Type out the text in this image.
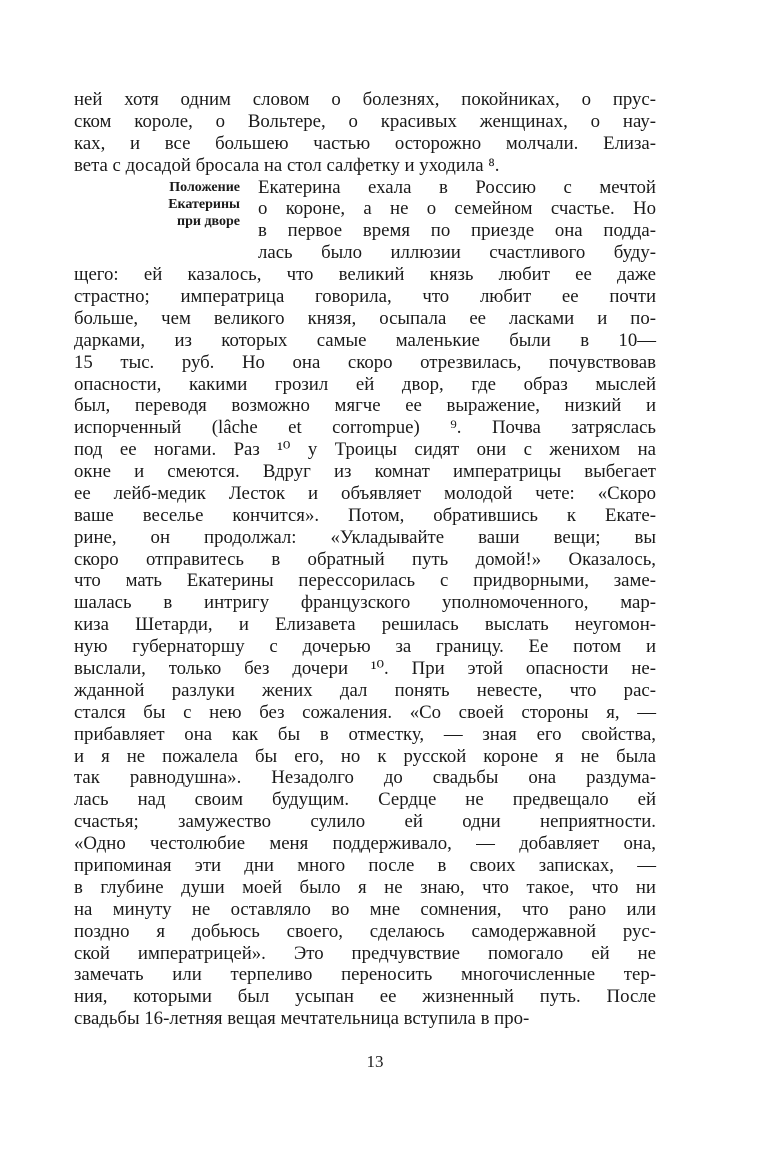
Положение
Екатерины
при дворе
ней хотя одним словом о болезнях, покойниках, о прус-
ском короле, о Вольтере, о красивых женщинах, о нау-
ках, и все большею частью осторожно молчали. Елиза-
вета с досадой бросала на стол салфетку и уходила ⁸.
Екатерина ехала в Россию с мечтой
о короне, а не о семейном счастье. Но
в первое время по приезде она подда-
лась было иллюзии счастливого буду-
щего: ей казалось, что великий князь любит ее даже
страстно; императрица говорила, что любит ее почти
больше, чем великого князя, осыпала ее ласками и по-
дарками, из которых самые маленькие были в 10—
15 тыс. руб. Но она скоро отрезвилась, почувствовав
опасности, какими грозил ей двор, где образ мыслей
был, переводя возможно мягче ее выражение, низкий и
испорченный (lâche et corrompue) ⁹. Почва затряслась
под ее ногами. Раз ¹⁰ у Троицы сидят они с женихом на
окне и смеются. Вдруг из комнат императрицы выбегает
ее лейб-медик Лесток и объявляет молодой чете: «Скоро
ваше веселье кончится». Потом, обратившись к Екате-
рине, он продолжал: «Укладывайте ваши вещи; вы
скоро отправитесь в обратный путь домой!» Оказалось,
что мать Екатерины перессорилась с придворными, заме-
шалась в интригу французского уполномоченного, мар-
киза Шетарди, и Елизавета решилась выслать неугомон-
ную губернаторшу с дочерью за границу. Ее потом и
выслали, только без дочери ¹⁰. При этой опасности не-
жданной разлуки жених дал понять невесте, что рас-
стался бы с нею без сожаления. «Со своей стороны я, —
прибавляет она как бы в отместку, — зная его свойства,
и я не пожалела бы его, но к русской короне я не была
так равнодушна». Незадолго до свадьбы она раздума-
лась над своим будущим. Сердце не предвещало ей
счастья; замужество сулило ей одни неприятности.
«Одно честолюбие меня поддерживало, — добавляет она,
припоминая эти дни много после в своих записках, —
в глубине души моей было я не знаю, что такое, что ни
на минуту не оставляло во мне сомнения, что рано или
поздно я добьюсь своего, сделаюсь самодержавной рус-
ской императрицей». Это предчувствие помогало ей не
замечать или терпеливо переносить многочисленные тер-
ния, которыми был усыпан ее жизненный путь. После
свадьбы 16-летняя вещая мечтательница вступила в про-
13
